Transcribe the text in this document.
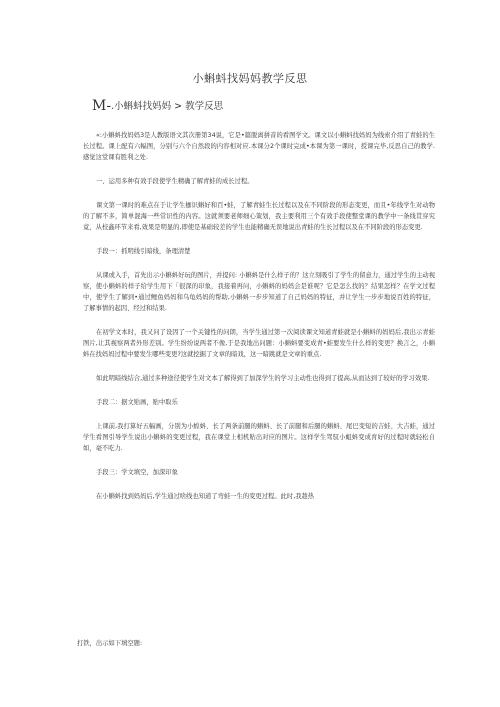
小蝌蚪找妈妈教学反思
M-.小蝌蚪找妈妈 > 教学反思

«:小蝌蚪找妈妈3是人教版语文其次册第34说，它是•篇脱离拼音的看图学文。课文以小蝌蚪找妈妈为线索介绍了青蛙的生长过程。课上配有六幅图，分别与六个自然段的内容相对应.本课分2个课时完成•本课为第一课时，授课完毕,反思自己的教学.感觉这堂课有胜利之处.

一、运用多种有效手段使学生精确了解青蛙的成长过程。

课文第一课时的难点在于让学生枷识蝌好和百•蛙，了解青蛙生长过程以及在不同阶段的形态变更，而且•年线学生对动物的了解不多，简单混海一些常识性的内容。这就须要老师细心策划，我主要利用三个有效手段使整堂课的教学中一条线贯穿究竟，从校鑫环节来看,效果是明显的,即使是基础较差的学生也能精确无误地说出青蛙的生长过程以及在不同阶段的形态变更.

手段一：抓明线引暗线，条理清楚

从课或入手，首先出示小蝌蚪好玩的图片，并提问: 小蝌蚪是什么样子的？这立刻吸引了学生的留意力，通过学生的主动视察，使小蝌蚪的样子给学生用下「很深的印象，我接着再问，小蝌蚪的妈妈会是谁呢？它是怎么找的？结果怎样？在学文过程中，使学生了解到•通过鲤鱼妈妈和乌龟妈妈的帮助,小蝌蚪一步步知道了自己妈妈的特征，并让学生一步步地说百姓的特征，了解事情的起因、经过和结果.

在初学文本时，我又问了设因了一个关键性的问朗，当学生通过第一次阅读课文知道青蛙就是小蝌蚪的妈妈后,我出示青蛙图片,让其视察两者外形差别。学生纷纷说两者不像,于是我地出问题：小蝌蚪要变成青•蛙要发生什么样的变更？换言之，小蝌蚪在找妈妈过程中要发生哪些变更?这就挖掘了文章的暗戏，这一暗跳就是文章的重点.

如此明暗线结合,通过多种途径使学生对文本了解得到了加深学生的学习主动性也得到了提高,从而达到了较好的学习效果.

手段二：据文贴画，贴中取乐

上课前,我打算好五幅画，分别为小蝗蚪、长了两条前腿的蝌蚪、长了前腿和后腿的蝌蚪、尾巴变短的吉蛙、大吉蛙，通过学生看图引导学生说出小蝌蚪的变更过程，我在课堂上相机贴出对应的图片。这样学生驾驭小蛆蚪变成育好的过程时就轻松自如，毫不吃力.

手段三：学文填空，加深印象

在小蝌蚪找到妈妈后,学生通过啥线也知道了弯蛙一生的变更过程。此时,我趁热

打铁，出示如下填空题:
